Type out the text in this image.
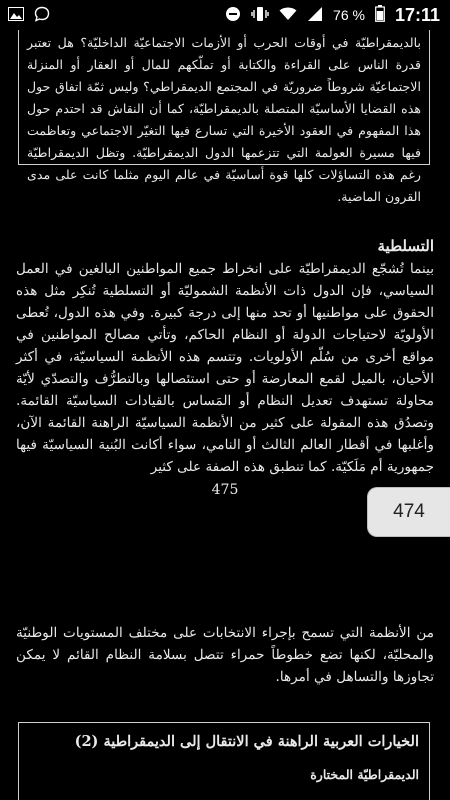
76 % 17:11

بالديمقراطيّة في أوقات الحرب أو الأزمات الاجتماعيّة الداخليّة؟ هل تعتبر قدرة الناس على القراءة والكتابة أو تملّكهم للمال أو العقار أو المنزلة الاجتماعيّة شروطاً ضروريّة في المجتمع الديمقراطي؟ وليس ثمّة اتفاق حول هذه القضايا الأساسيّة المتصلة بالديمقراطيّة، كما أن النقاش قد احتدم حول هذا المفهوم في العقود الأخيرة التي تسارع فيها التغيّر الاجتماعي وتعاظمت فيها مسيرة العولمة التي تتزعمها الدول الديمقراطيّة. وتظل الديمقراطيّة رغم هذه التساؤلات كلها قوة أساسيّة في عالم اليوم مثلما كانت على مدى القرون الماضية.

التسلطية

بينما تُشجّع الديمقراطيّة على انخراط جميع المواطنين البالغين في العمل السياسي، فإن الدول ذات الأنظمة الشموليّة أو التسلطية تُنكِر مثل هذه الحقوق على مواطنيها أو تحد منها إلى درجة كبيرة. وفي هذه الدول، تُعطى الأولويّة لاحتياجات الدولة أو النظام الحاكم، وتأتي مصالح المواطنين في مواقع أخرى من سُلّم الأولويات. وتتسم هذه الأنظمة السياسيّة، في أكثر الأحيان، بالميل لقمع المعارضة أو حتى استئصالها وبالتطرُّف والتصدّي لأيّة محاولة تستهدف تعديل النظام أو المَساس بالقيادات السياسيّة القائمة. وتصدُق هذه المقولة على كثير من الأنظمة السياسيّة الراهنة القائمة الآن، وأغلبها في أقطار العالم الثالث أو النامي، سواء أكانت البُنية السياسيّة فيها جمهورية أم مَلَكيّة. كما تنطبق هذه الصفة على كثير

475
474

من الأنظمة التي تسمح بإجراء الانتخابات على مختلف المستويات الوطنيّة والمحليّة، لكنها تضع خطوطاً حمراء تتصل بسلامة النظام القائم لا يمكن تجاوزها والتساهل في أمرها.

الخيارات العربية الراهنة في الانتقال إلى الديمقراطية (2)

الديمقراطيّة المختارة
